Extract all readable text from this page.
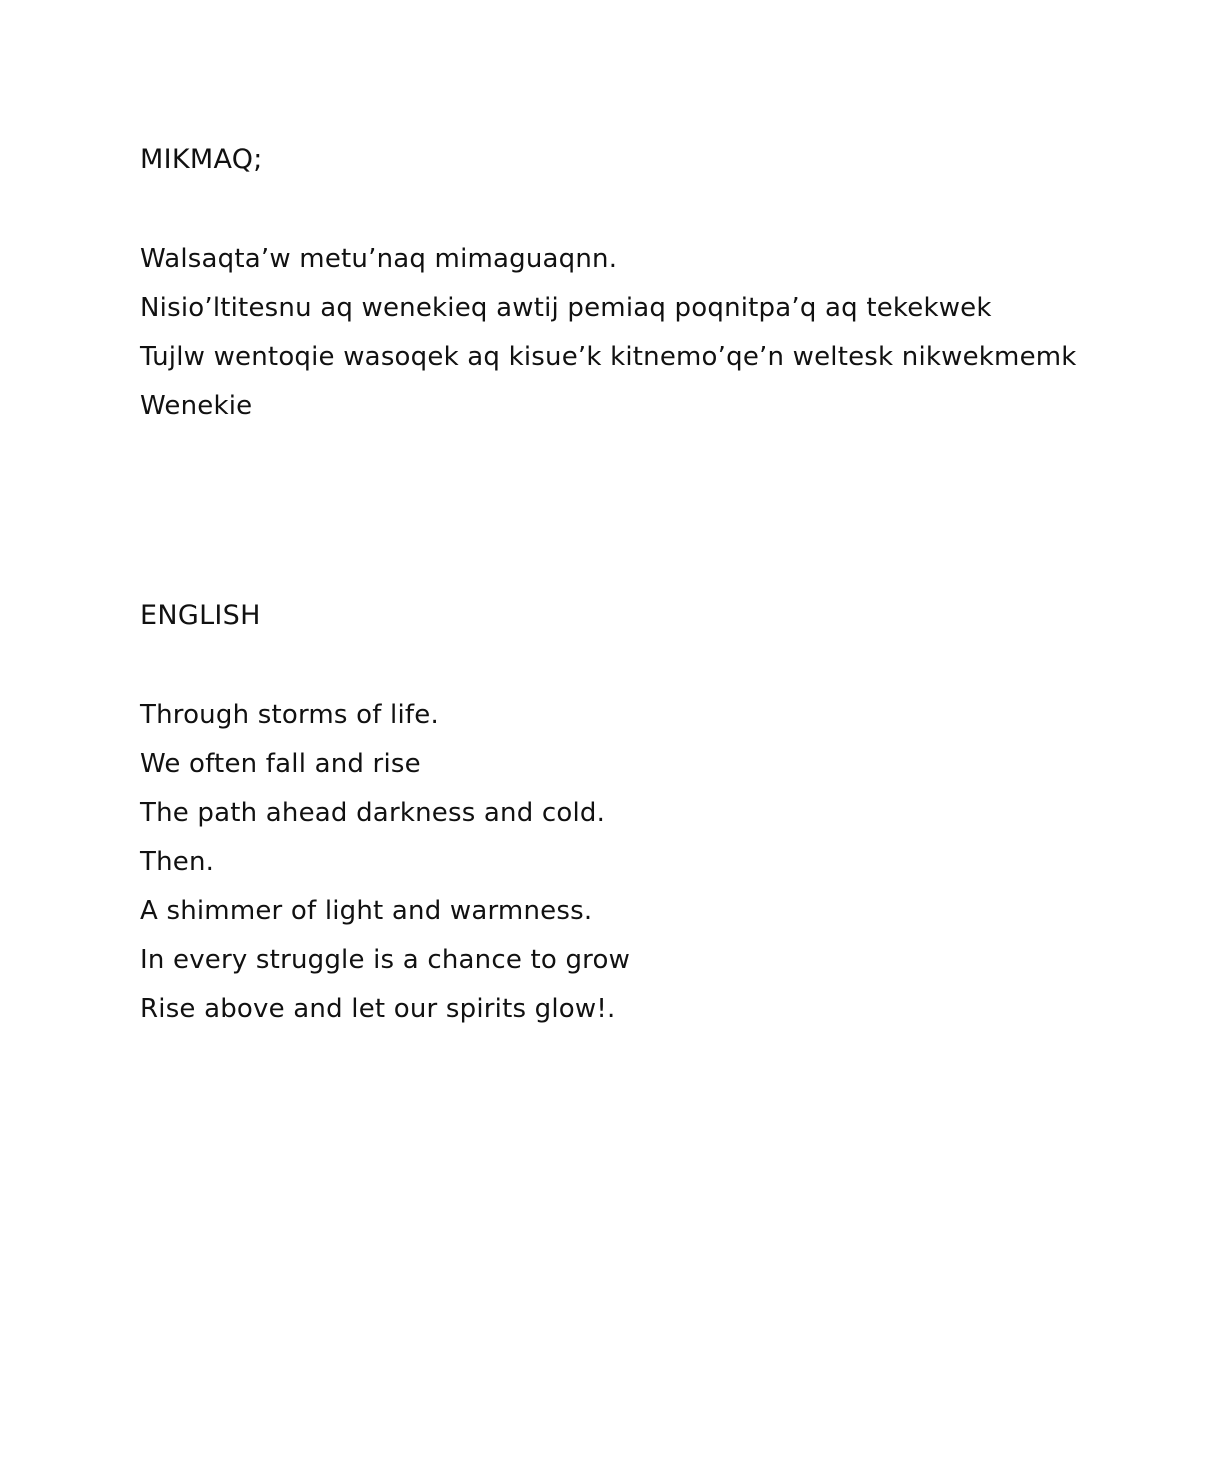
MIKMAQ;
Walsaqta’w metu’naq mimaguaqnn.
Nisio’ltitesnu aq wenekieq awtij pemiaq poqnitpa’q aq tekekwek
Tujlw wentoqie wasoqek aq kisue’k kitnemo’qe’n weltesk nikwekmemk
Wenekie
ENGLISH
Through storms of life.
We often fall and rise
The path ahead darkness and cold.
Then.
A shimmer of light and warmness.
In every struggle is a chance to grow
Rise above and let our spirits glow!.
